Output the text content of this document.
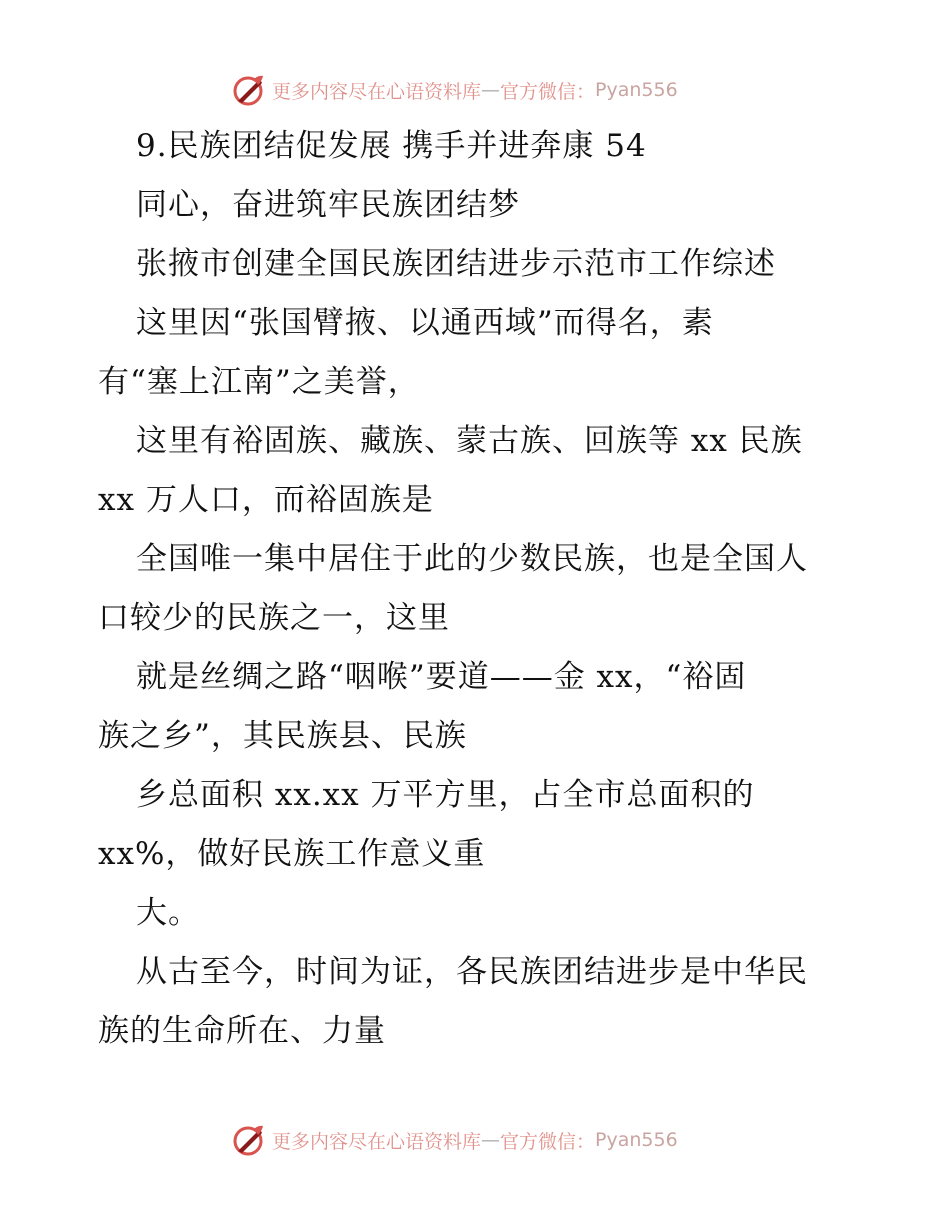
更多内容尽在心语资料库 — 官方微信： Pyan556
9.民族团结促发展 携手并进奔康 54
同心，奋进筑牢民族团结梦
张掖市创建全国民族团结进步示范市工作综述
这里因“张国臂掖、以通西域”而得名，素
有“塞上江南”之美誉，
这里有裕固族、藏族、蒙古族、回族等 xx 民族
xx 万人口，而裕固族是
全国唯一集中居住于此的少数民族，也是全国人
口较少的民族之一，这里
就是丝绸之路“咽喉”要道——金 xx，“裕固
族之乡”，其民族县、民族
乡总面积 xx.xx 万平方里，占全市总面积的
xx%，做好民族工作意义重
大。
从古至今，时间为证，各民族团结进步是中华民
族的生命所在、力量
更多内容尽在心语资料库 — 官方微信： Pyan556
